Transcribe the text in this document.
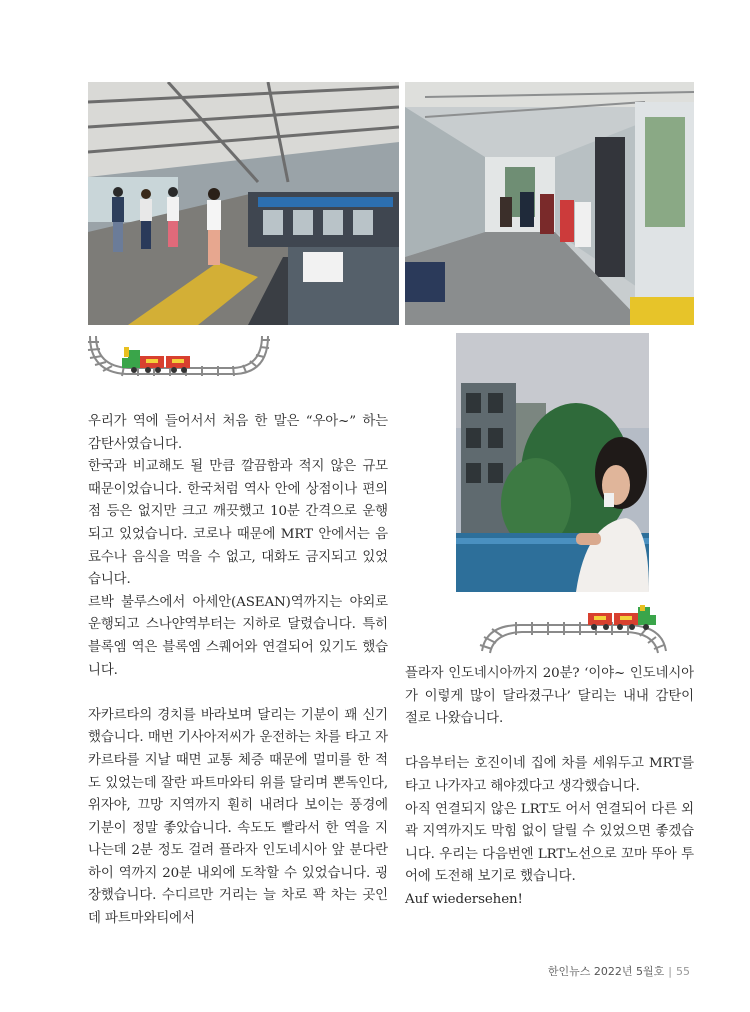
우리가 역에 들어서서 처음 한 말은 “우아~” 하는 감탄사였습니다.

한국과 비교해도 될 만큼 깔끔함과 적지 않은 규모 때문이었습니다. 한국처럼 역사 안에 상점이나 편의점 등은 없지만 크고 깨끗했고 10분 간격으로 운행되고 있었습니다. 코로나 때문에 MRT 안에서는 음료수나 음식을 먹을 수 없고, 대화도 금지되고 있었습니다.

르박 불루스에서 아세안(ASEAN)역까지는 야외로 운행되고 스나얀역부터는 지하로 달렸습니다. 특히 블록엠 역은 블록엠 스퀘어와 연결되어 있기도 했습니다.

자카르타의 경치를 바라보며 달리는 기분이 꽤 신기했습니다. 매번 기사아저씨가 운전하는 차를 타고 자카르타를 지날 때면 교통 체증 때문에 멀미를 한 적도 있었는데 잘란 파트마와티 위를 달리며 뽄독인다, 위자야, 끄망 지역까지 훤히 내려다 보이는 풍경에 기분이 정말 좋았습니다. 속도도 빨라서 한 역을 지나는데 2분 정도 걸려 플라자 인도네시아 앞 분다란 하이 역까지 20분 내외에 도착할 수 있었습니다. 굉장했습니다. 수디르만 거리는 늘 차로 꽉 차는 곳인데 파트마와티에서

플라자 인도네시아까지 20분? ‘이야~ 인도네시아가 이렇게 많이 달라졌구나’ 달리는 내내 감탄이 절로 나왔습니다.

다음부터는 호진이네 집에 차를 세워두고 MRT를 타고 나가자고 해야겠다고 생각했습니다.

아직 연결되지 않은 LRT도 어서 연결되어 다른 외곽 지역까지도 막힘 없이 달릴 수 있었으면 좋겠습니다. 우리는 다음번엔 LRT노선으로 꼬마 뚜아 투어에 도전해 보기로 했습니다.

Auf wiedersehen!

한인뉴스 2022년 5월호 | 55
